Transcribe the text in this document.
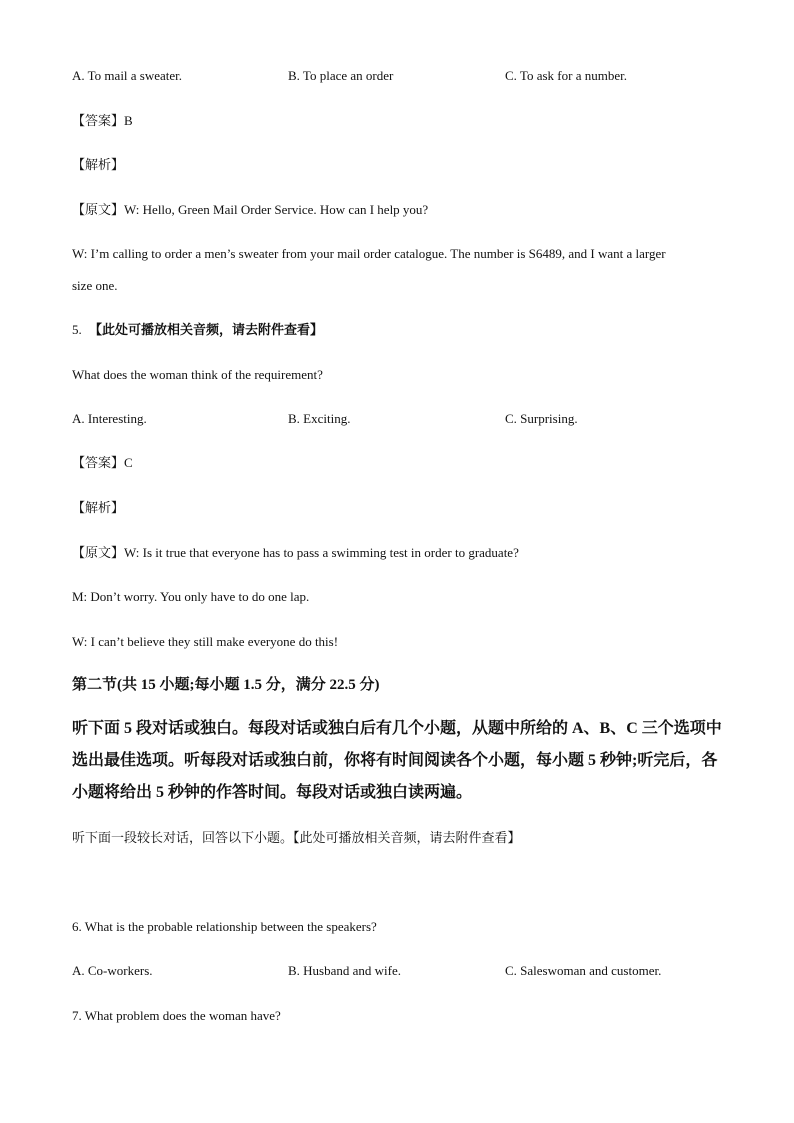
A. To mail a sweater.	B. To place an order	C. To ask for a number.
【答案】B
【解析】
【原文】W: Hello, Green Mail Order Service. How can I help you?
W: I’m calling to order a men’s sweater from your mail order catalogue. The number is S6489, and I want a larger
size one.
5. 【此处可播放相关音频，请去附件查看】
What does the woman think of the requirement?
A. Interesting.	B. Exciting.	C. Surprising.
【答案】C
【解析】
【原文】W: Is it true that everyone has to pass a swimming test in order to graduate?
M: Don’t worry. You only have to do one lap.
W: I can’t believe they still make everyone do this!
第二节(共 15 小题;每小题 1.5 分，满分 22.5 分)
听下面 5 段对话或独白。每段对话或独白后有几个小题，从题中所给的 A、B、C 三个选项中
选出最佳选项。听每段对话或独白前，你将有时间阅读各个小题，每小题 5 秒钟;听完后，各
小题将给出 5 秒钟的作答时间。每段对话或独白读两遍。
听下面一段较长对话，回答以下小题。【此处可播放相关音频，请去附件查看】
6. What is the probable relationship between the speakers?
A. Co-workers.	B. Husband and wife.	C. Saleswoman and customer.
7. What problem does the woman have?
